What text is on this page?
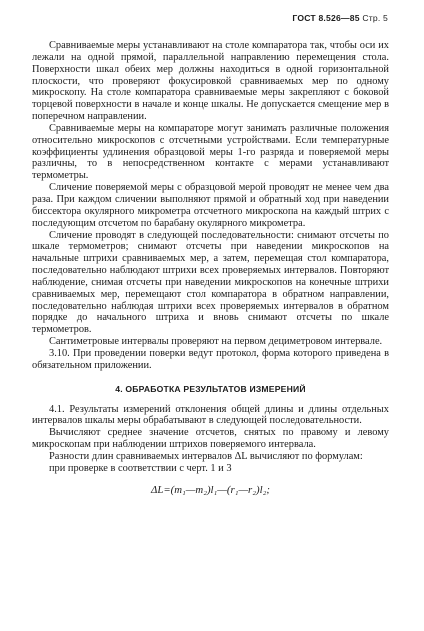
ГОСТ 8.526—85 Стр. 5

Сравниваемые меры устанавливают на столе компаратора так, чтобы оси их лежали на одной прямой, параллельной направлению перемещения стола. Поверхности шкал обеих мер должны находиться в одной горизонтальной плоскости, что проверяют фокусировкой сравниваемых мер по одному микроскопу. На столе компаратора сравниваемые меры закрепляют с боковой торцевой поверхности в начале и конце шкалы. Не допускается смещение мер в поперечном направлении.

Сравниваемые меры на компараторе могут занимать различные положения относительно микроскопов с отсчетными устройствами. Если температурные коэффициенты удлинения образцовой меры 1-го разряда и поверяемой меры различны, то в непосредственном контакте с мерами устанавливают термометры.

Сличение поверяемой меры с образцовой мерой проводят не менее чем два раза. При каждом сличении выполняют прямой и обратный ход при наведении биссектора окулярного микрометра отсчетного микроскопа на каждый штрих с последующим отсчетом по барабану окулярного микрометра.

Сличение проводят в следующей последовательности: снимают отсчеты по шкале термометров; снимают отсчеты при наведении микроскопов на начальные штрихи сравниваемых мер, а затем, перемещая стол компаратора, последовательно наблюдают штрихи всех проверяемых интервалов. Повторяют наблюдение, снимая отсчеты при наведении микроскопов на конечные штрихи сравниваемых мер, перемещают стол компаратора в обратном направлении, последовательно наблюдая штрихи всех проверяемых интервалов в обратном порядке до начального штриха и вновь снимают отсчеты по шкале термометров.

Сантиметровые интервалы проверяют на первом дециметровом интервале.

3.10. При проведении поверки ведут протокол, форма которого приведена в обязательном приложении.

4. ОБРАБОТКА РЕЗУЛЬТАТОВ ИЗМЕРЕНИЙ

4.1. Результаты измерений отклонения общей длины и длины отдельных интервалов шкалы меры обрабатывают в следующей последовательности.

Вычисляют среднее значение отсчетов, снятых по правому и левому микроскопам при наблюдении штрихов поверяемого интервала.

Разности длин сравниваемых интервалов ΔL вычисляют по формулам:

при проверке в соответствии с черт. 1 и 3

ΔL=(m₁—m₂)l₁—(r₁—r₂)l₂;
